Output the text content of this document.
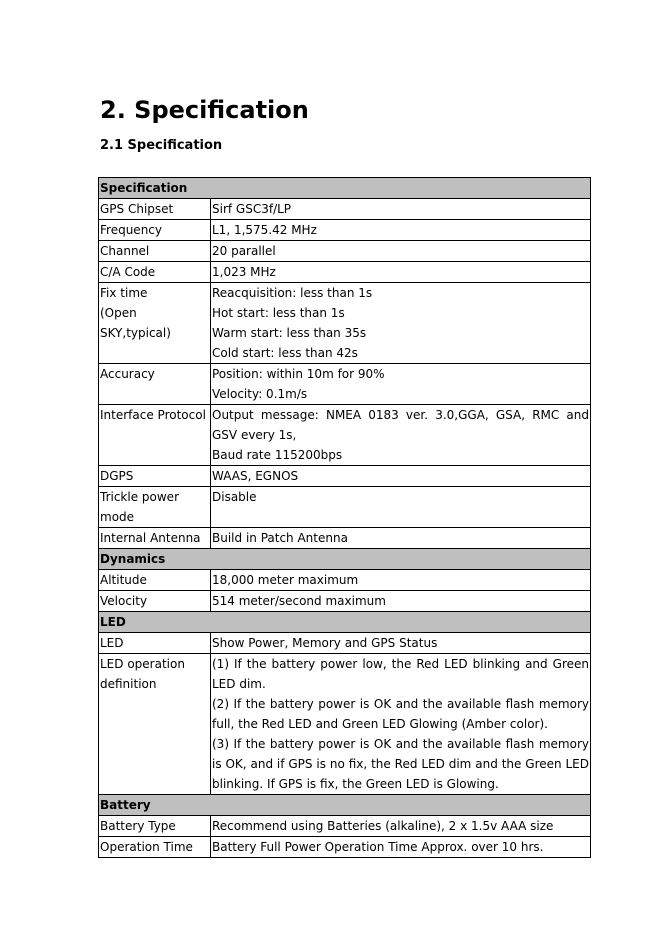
2. Specification
2.1 Specification
Specification	

GPS Chipset	Sirf GSC3f/LP

Frequency	L1, 1,575.42 MHz

Channel	20 parallel

C/A Code	1,023 MHz

Fix time
(Open
SKY,typical)	Reacquisition: less than 1s
Hot start: less than 1s
Warm start: less than 35s
Cold start: less than 42s

Accuracy	Position: within 10m for 90%
Velocity: 0.1m/s

Interface Protocol	Output message: NMEA 0183 ver. 3.0,GGA, GSA, RMC and GSV every 1s,
Baud rate 115200bps

DGPS	WAAS, EGNOS

Trickle power
mode	Disable

Internal Antenna	Build in Patch Antenna

Dynamics	

Altitude	18,000 meter maximum

Velocity	514 meter/second maximum

LED	

LED	Show Power, Memory and GPS Status

LED operation
definition	(1) If the battery power low, the Red LED blinking and Green LED dim.
(2) If the battery power is OK and the available flash memory full, the Red LED and Green LED Glowing (Amber color).
(3) If the battery power is OK and the available flash memory is OK, and if GPS is no fix, the Red LED dim and the Green LED blinking. If GPS is fix, the Green LED is Glowing.

Battery	

Battery Type	Recommend using Batteries (alkaline), 2 x 1.5v AAA size

Operation Time	Battery Full Power Operation Time Approx. over 10 hrs.
